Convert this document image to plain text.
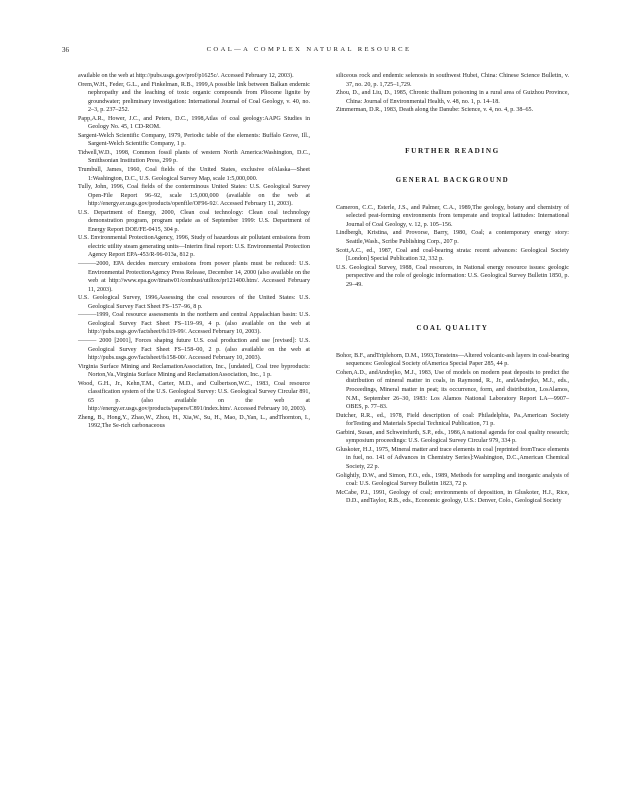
36	COAL—A COMPLEX NATURAL RESOURCE

available on the web at http://pubs.usgs.gov/prof/p1625c/. Accessed February 12, 2003).

Orem,W.H., Feder, G.L., and Finkelman, R.B., 1999,A possible link between Balkan endemic nephropathy and the leaching of toxic organic compounds from Pliocene lignite by groundwater; preliminary investigation: International Journal of Coal Geology, v. 40, no. 2–3, p. 237–252.

Papp,A.R., Hower, J.C., and Peters, D.C., 1998,Atlas of coal geology:AAPG Studies in Geology No. 45, 1 CD-ROM.

Sargent-Welch Scientific Company, 1979, Periodic table of the elements: Buffalo Grove, Ill., Sargent-Welch Scientific Company, 1 p.

Tidwell,W.D., 1998, Common fossil plants of western North America:Washington, D.C., Smithsonian Institution Press, 299 p.

Trumbull, James, 1960, Coal fields of the United States, exclusive ofAlaska—Sheet 1:Washington, D.C., U.S. Geological Survey Map, scale 1:5,000,000.

Tully, John, 1996, Coal fields of the conterminous United States: U.S. Geological Survey Open-File Report 96–92, scale 1:5,000,000 (available on the web at http://energy.er.usgs.gov/products/openfile/OF96-92/. Accessed February 11, 2003).

U.S. Department of Energy, 2000, Clean coal technology: Clean coal technology demonstration program, program update as of September 1999: U.S. Department of Energy Report DOE/FE-0415, 304 p.

U.S. Environmental ProtectionAgency, 1996, Study of hazardous air pollutant emissions from electric utility steam generating units—Interim final report: U.S. Environmental Protection Agency Report EPA-453/R-96-013a, 812 p.

———2000, EPA decides mercury emissions from power plants must be reduced: U.S. Environmental ProtectionAgency Press Release, December 14, 2000 (also available on the web at http://www.epa.gov/ttnatw01/combust/utiltox/pr121400.htm/. Accessed February 11, 2003).

U.S. Geological Survey, 1996,Assessing the coal resources of the United States: U.S. Geological Survey Fact Sheet FS–157–96, 8 p.

———1999, Coal resource assessments in the northern and central Appalachian basin: U.S. Geological Survey Fact Sheet FS–119–99, 4 p. (also available on the web at http://pubs.usgs.gov/factsheet/fs119-99/. Accessed February 10, 2003).

——— 2000 [2001], Forces shaping future U.S. coal production and use [revised]: U.S. Geological Survey Fact Sheet FS–158–00, 2 p. (also available on the web at http://pubs.usgs.gov/factsheet/fs158-00/. Accessed February 10, 2003).

Virginia Surface Mining and ReclamationAssociation, Inc., [undated], Coal tree byproducts: Norton,Va.,Virginia Surface Mining and ReclamationAssociation, Inc., 1 p.

Wood, G.H., Jr., Kehn,T.M., Carter, M.D., and Culbertson,W.C., 1983, Coal resource classification system of the U.S. Geological Survey: U.S. Geological Survey Circular 891, 65 p. (also available on the web at http://energy.er.usgs.gov/products/papers/C891/index.htm/. Accessed February 10, 2003).

Zheng, B., Hong,Y., Zhao,W., Zhou, H., Xia,W., Su, H., Mao, D.,Yan, L., andThornton, I., 1992,The Se-rich carbonaceous

siliceous rock and endemic selenosis in southwest Hubei, China: Chinese Science Bulletin, v. 37, no. 20, p. 1,725–1,729.

Zhou, D., and Liu, D., 1985, Chronic thallium poisoning in a rural area of Guizhou Province, China: Journal of Environmental Health, v. 48, no. 1, p. 14–18.

Zimmerman, D.R., 1983, Death along the Danube: Science, v. 4, no. 4, p. 38–65.

FURTHER READING

GENERAL BACKGROUND

Cameron, C.C., Esterle, J.S., and Palmer, C.A., 1989,The geology, botany and chemistry of selected peat-forming environments from temperate and tropical latitudes: International Journal of Coal Geology, v. 12, p. 105–156.

Lindbergh, Kristina, and Provorse, Barry, 1980, Coal; a contemporary energy story: Seattle,Wash., Scribe Publishing Corp., 207 p.

Scott,A.C., ed., 1987, Coal and coal-bearing strata: recent advances: Geological Society [London] Special Publication 32, 332 p.

U.S. Geological Survey, 1988, Coal resources, in National energy resource issues: geologic perspective and the role of geologic information: U.S. Geological Survey Bulletin 1850, p. 29–49.

COAL QUALITY

Bohor, B.F., andTriplehorn, D.M., 1993,Tonsteins—Altered volcanic-ash layers in coal-bearing sequences: Geological Society ofAmerica Special Paper 285, 44 p.

Cohen,A.D., andAndrejko, M.J., 1983, Use of models on modern peat deposits to predict the distribution of mineral matter in coals, in Raymond, R., Jr., andAndrejko, M.J., eds., Proceedings, Mineral matter in peat; its occurrence, form, and distribution, LosAlamos, N.M., September 26–30, 1983: Los Alamos National Laboratory Report LA—9907–OBES, p. 77–83.

Dutcher, R.R., ed., 1978, Field description of coal: Philadelphia, Pa.,American Society forTesting and Materials Special Technical Publication, 71 p.

Garbini, Susan, and Schweinfurth, S.P., eds., 1986,A national agenda for coal quality research; symposium proceedings: U.S. Geological Survey Circular 979, 334 p.

Gluskoter, H.J., 1975, Mineral matter and trace elements in coal [reprinted fromTrace elements in fuel, no. 141 of Advances in Chemistry Series]:Washington, D.C.,American Chemical Society, 22 p.

Golightly, D.W., and Simon, F.O., eds., 1989, Methods for sampling and inorganic analysis of coal: U.S. Geological Survey Bulletin 1823, 72 p.

McCabe, P.J., 1991, Geology of coal; environments of deposition, in Gluskoter, H.J., Rice, D.D., andTaylor, R.B., eds., Economic geology, U.S.: Denver, Colo., Geological Society
